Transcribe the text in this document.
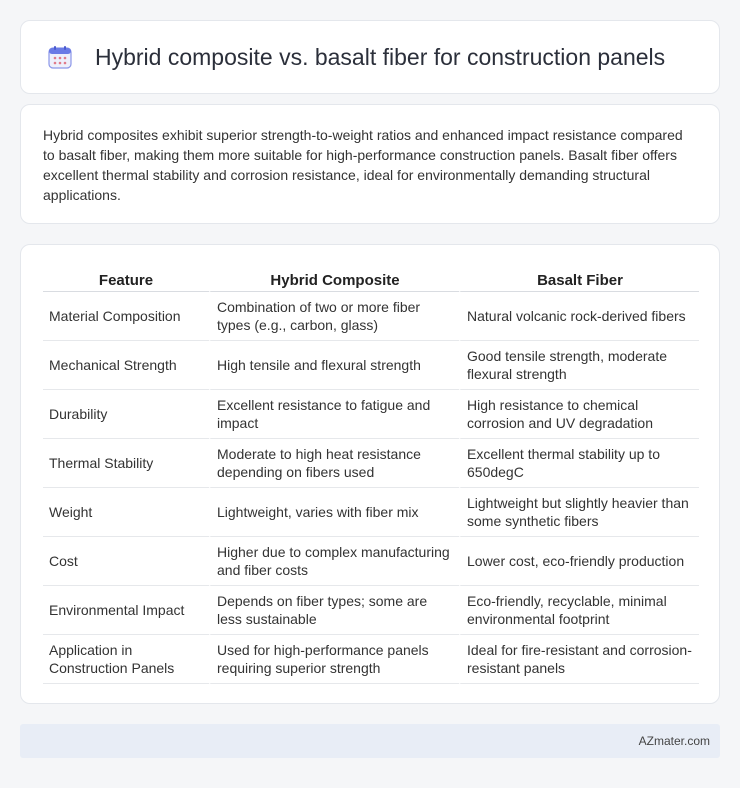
Hybrid composite vs. basalt fiber for construction panels

Hybrid composites exhibit superior strength-to-weight ratios and enhanced impact resistance compared to basalt fiber, making them more suitable for high-performance construction panels. Basalt fiber offers excellent thermal stability and corrosion resistance, ideal for environmentally demanding structural applications.

Feature	Hybrid Composite	Basalt Fiber
Material Composition	Combination of two or more fiber types (e.g., carbon, glass)	Natural volcanic rock-derived fibers
Mechanical Strength	High tensile and flexural strength	Good tensile strength, moderate flexural strength
Durability	Excellent resistance to fatigue and impact	High resistance to chemical corrosion and UV degradation
Thermal Stability	Moderate to high heat resistance depending on fibers used	Excellent thermal stability up to 650degC
Weight	Lightweight, varies with fiber mix	Lightweight but slightly heavier than some synthetic fibers
Cost	Higher due to complex manufacturing and fiber costs	Lower cost, eco-friendly production
Environmental Impact	Depends on fiber types; some are less sustainable	Eco-friendly, recyclable, minimal environmental footprint
Application in Construction Panels	Used for high-performance panels requiring superior strength	Ideal for fire-resistant and corrosion-resistant panels
AZmater.com
